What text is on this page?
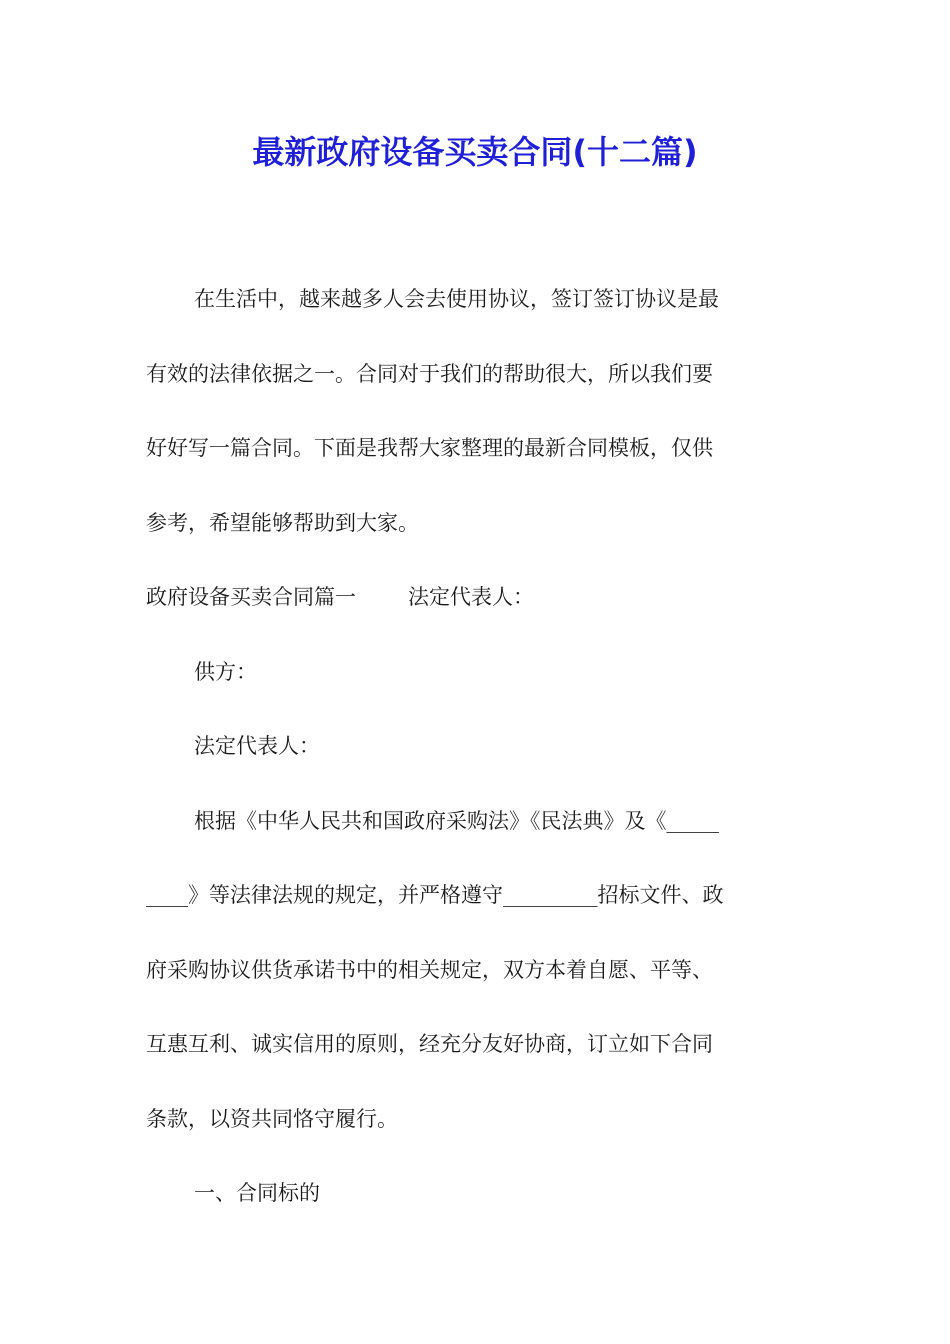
最新政府设备买卖合同(十二篇)

在生活中，越来越多人会去使用协议，签订签订协议是最
有效的法律依据之一。合同对于我们的帮助很大，所以我们要
好好写一篇合同。下面是我帮大家整理的最新合同模板，仅供
参考，希望能够帮助到大家。

政府设备买卖合同篇一 法定代表人：

供方：

法定代表人：

根据《中华人民共和国政府采购法》《民法典》及《_____
____》等法律法规的规定，并严格遵守_________招标文件、政
府采购协议供货承诺书中的相关规定，双方本着自愿、平等、
互惠互利、诚实信用的原则，经充分友好协商，订立如下合同
条款，以资共同恪守履行。

一、合同标的
